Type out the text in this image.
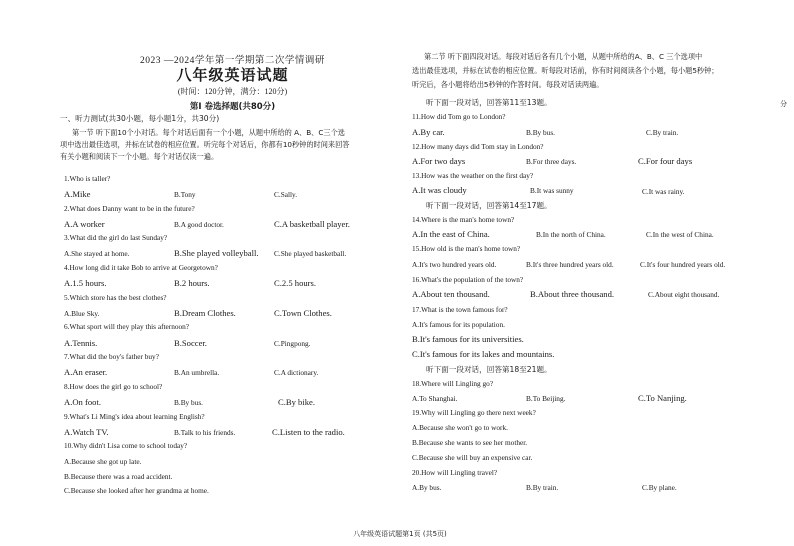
2023 —2024学年第一学期第二次学情调研
八年级英语试题
(时间：120分钟，满分：120分)
第I 卷选择题(共80分)
一、听力测试(共30小题，每小题1分，共30分)
第一节 听下面10个小对话。每个对话后面有一个小题，从题中所给的 A、B、C三个选
项中选出最佳选项，并标在试卷的相应位置。听完每个对话后，你都有10秒钟的时间来回答
有关小题和阅读下一个小题。每个对话仅读一遍。
1.Who is taller?
A.Mike	B.Tony	C.Sally.
2.What does Danny want to be in the future?
A.A worker	B.A good doctor.	C.A basketball player.
3.What did the girl do last Sunday?
A.She stayed at home.	B.She played volleyball. C.She played basketball.
4.How long did it take Bob to arrive at Georgetown?
A.1.5 hours.	B.2 hours.	C.2.5 hours.
5.Which store has the best clothes?
A.Blue Sky.	B.Dream Clothes.	C.Town Clothes.
6.What sport will they play this afternoon?
A.Tennis.	B.Soccer.	C.Pingpong.
7.What did the boy's father buy?
A.An eraser.	B.An umbrella.	C.A dictionary.
8.How does the girl go to school?
A.On foot.	B.By bus.	C.By bike.
9.What's Li Ming's idea about learning English?
A.Watch TV.	B.Talk to his friends.	C.Listen to the radio.
10.Why didn't Lisa come to school today?
A.Because she got up late.
B.Because there was a road accident.
C.Because she looked after her grandma at home.
第二节 听下面四段对话。每段对话后各有几个小题，从题中所给的A、B、C 三个选项中
选出最佳选项，并标在试卷的相应位置。听每段对话前，你有时间阅读各个小题，每小题5秒钟；
听完后，各小题将给出5秒钟的作答时间。每段对话读两遍。
分
听下面一段对话，回答第11至13题。
11.How did Tom go to London?
A.By car.	B.By bus.	C.By train.
12.How many days did Tom stay in London?
A.For two days	B.For three days.	C.For four days
13.How was the weather on the first day?
A.It was cloudy	B.It was sunny	C.It was rainy.
听下面一段对话，回答第14至17题。
14.Where is the man's home town?
A.In the east of China.	B.In the north of China.	C.In the west of China.
15.How old is the man's home town?
A.It's two hundred years old.	B.It's three hundred years old.	C.It's four hundred years old.
16.What's the population of the town?
A.About ten thousand.	B.About three thousand.	C.About eight thousand.
17.What is the town famous for?
A.It's famous for its population.
B.It's famous for its universities.
C.It's famous for its lakes and mountains.
听下面一段对话，回答第18至21题。
18.Where will Lingling go?
A.To Shanghai.	B.To Beijing.	C.To Nanjing.
19.Why will Lingling go there next week?
A.Because she won't go to work.
B.Because she wants to see her mother.
C.Because she will buy an expensive car.
20.How will Lingling travel?
A.By bus.	B.By train.	C.By plane.
八年级英语试题第1页 (共5页)
